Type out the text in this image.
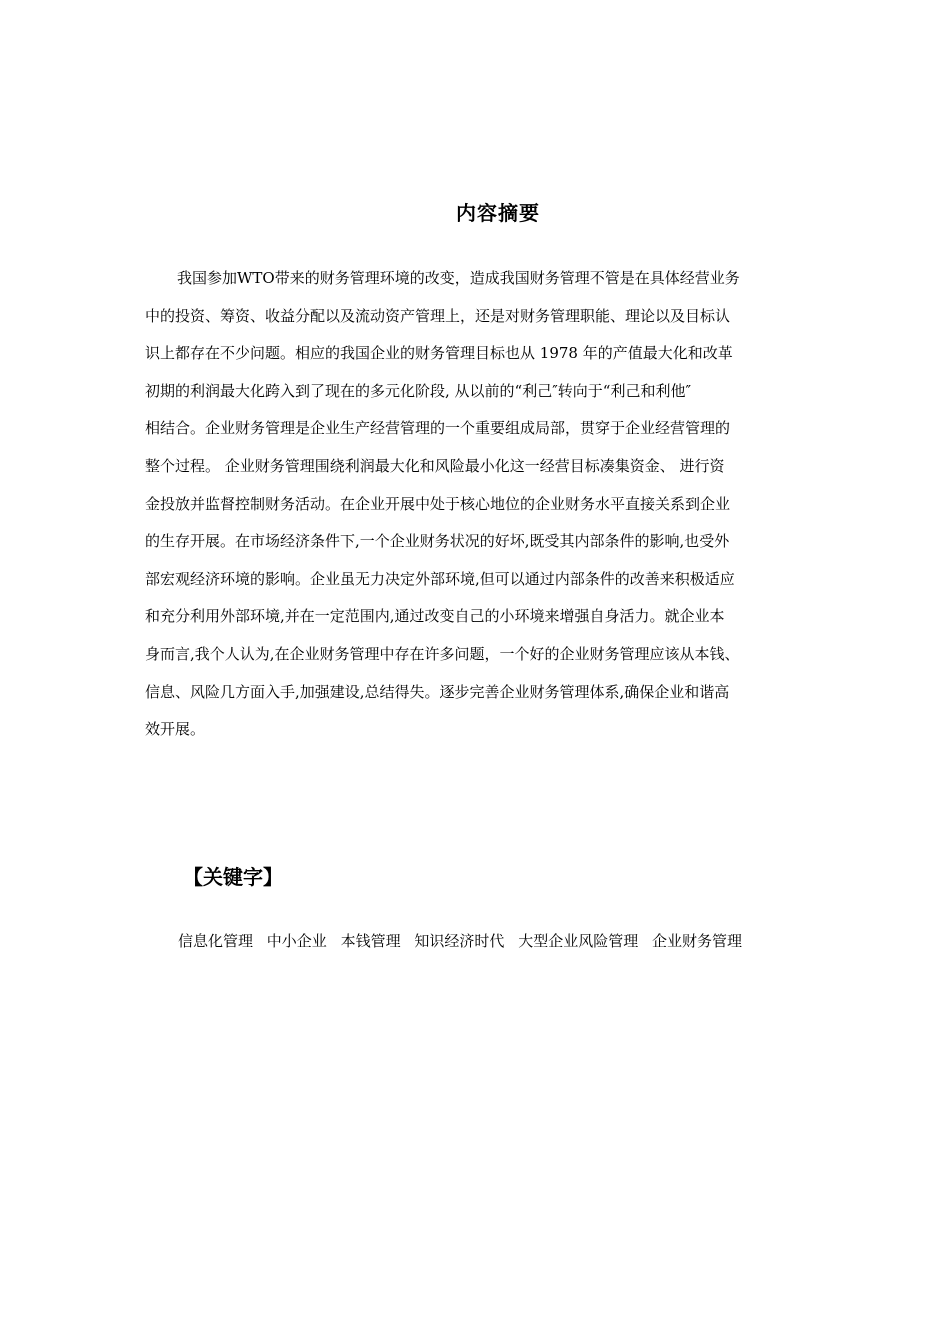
内容摘要
我国参加WTO带来的财务管理环境的改变，造成我国财务管理不管是在具体经营业务
中的投资、筹资、收益分配以及流动资产管理上，还是对财务管理职能、理论以及目标认
识上都存在不少问题。相应的我国企业的财务管理目标也从 1978 年的产值最大化和改革
初期的利润最大化跨入到了现在的多元化阶段, 从以前的“利己″转向于“利己和利他″
相结合。企业财务管理是企业生产经营管理的一个重要组成局部，贯穿于企业经营管理的
整个过程。 企业财务管理围绕利润最大化和风险最小化这一经营目标凑集资金、 进行资
金投放并监督控制财务活动。在企业开展中处于核心地位的企业财务水平直接关系到企业
的生存开展。在市场经济条件下,一个企业财务状况的好坏,既受其内部条件的影响,也受外
部宏观经济环境的影响。企业虽无力决定外部环境,但可以通过内部条件的改善来积极适应
和充分利用外部环境,并在一定范围内,通过改变自己的小环境来增强自身活力。就企业本
身而言,我个人认为,在企业财务管理中存在许多问题，一个好的企业财务管理应该从本钱、
信息、风险几方面入手,加强建设,总结得失。逐步完善企业财务管理体系,确保企业和谐高
效开展。
【关键字】
信息化管理 中小企业 本钱管理 知识经济时代 大型企业风险管理 企业财务管理
